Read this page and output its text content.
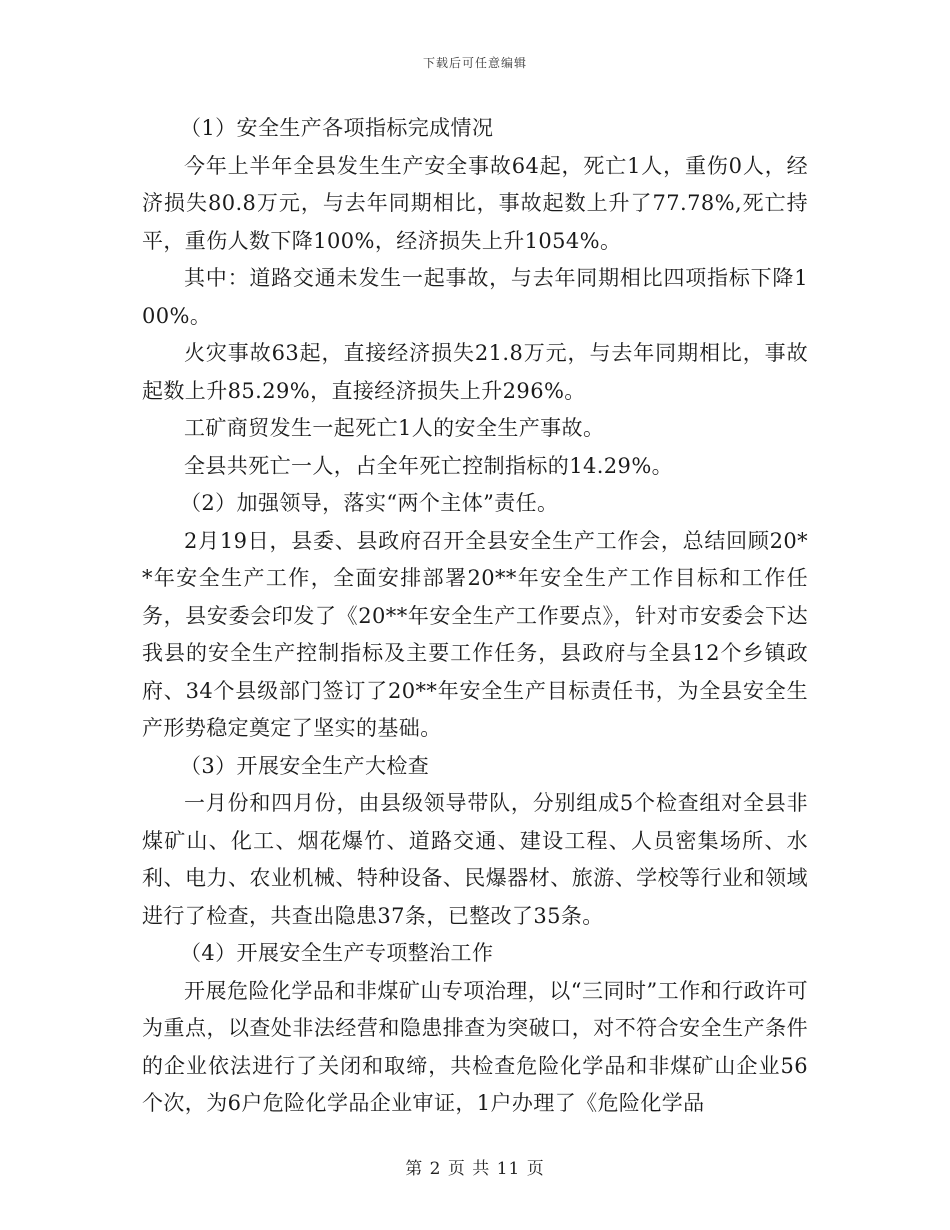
下载后可任意编辑

（1）安全生产各项指标完成情况

今年上半年全县发生生产安全事故64起，死亡1人，重伤0人，经济损失80.8万元，与去年同期相比，事故起数上升了77.78%,死亡持平，重伤人数下降100%，经济损失上升1054%。

其中：道路交通未发生一起事故，与去年同期相比四项指标下降100%。

火灾事故63起，直接经济损失21.8万元，与去年同期相比，事故起数上升85.29%，直接经济损失上升296%。

工矿商贸发生一起死亡1人的安全生产事故。

全县共死亡一人，占全年死亡控制指标的14.29%。

（2）加强领导，落实“两个主体”责任。

2月19日，县委、县政府召开全县安全生产工作会，总结回顾20**年安全生产工作，全面安排部署20**年安全生产工作目标和工作任务，县安委会印发了《20**年安全生产工作要点》，针对市安委会下达我县的安全生产控制指标及主要工作任务，县政府与全县12个乡镇政府、34个县级部门签订了20**年安全生产目标责任书，为全县安全生产形势稳定奠定了坚实的基础。

（3）开展安全生产大检查

一月份和四月份，由县级领导带队，分别组成5个检查组对全县非煤矿山、化工、烟花爆竹、道路交通、建设工程、人员密集场所、水利、电力、农业机械、特种设备、民爆器材、旅游、学校等行业和领域进行了检查，共查出隐患37条，已整改了35条。

（4）开展安全生产专项整治工作

开展危险化学品和非煤矿山专项治理，以“三同时”工作和行政许可为重点，以查处非法经营和隐患排查为突破口，对不符合安全生产条件的企业依法进行了关闭和取缔，共检查危险化学品和非煤矿山企业56个次，为6户危险化学品企业审证，1户办理了《危险化学品

第 2 页 共 11 页
